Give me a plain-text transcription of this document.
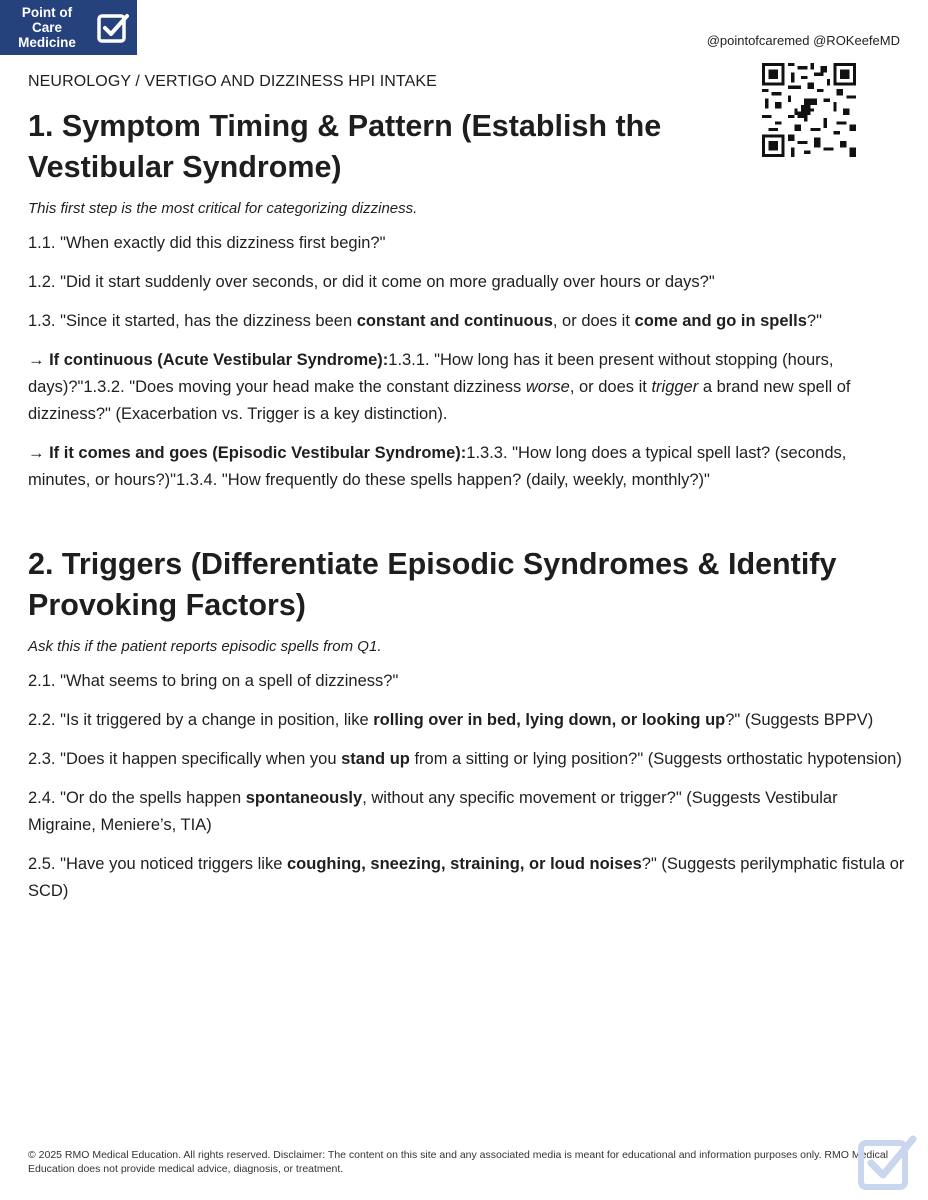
Point of Care
Medicine	@pointofcaremed @ROKeefeMD
NEUROLOGY / VERTIGO AND DIZZINESS HPI INTAKE
1. Symptom Timing & Pattern (Establish the Vestibular Syndrome)
This first step is the most critical for categorizing dizziness.

1.1. "When exactly did this dizziness first begin?"

1.2. "Did it start suddenly over seconds, or did it come on more gradually over hours or days?"

1.3. "Since it started, has the dizziness been constant and continuous, or does it come and go in spells?"

→ If continuous (Acute Vestibular Syndrome):1.3.1. "How long has it been present without stopping (hours, days)?"1.3.2. "Does moving your head make the constant dizziness worse, or does it trigger a brand new spell of dizziness?" (Exacerbation vs. Trigger is a key distinction).

→ If it comes and goes (Episodic Vestibular Syndrome):1.3.3. "How long does a typical spell last? (seconds, minutes, or hours?)"1.3.4. "How frequently do these spells happen? (daily, weekly, monthly?)"

2. Triggers (Differentiate Episodic Syndromes & Identify Provoking Factors)
Ask this if the patient reports episodic spells from Q1.

2.1. "What seems to bring on a spell of dizziness?"

2.2. "Is it triggered by a change in position, like rolling over in bed, lying down, or looking up?" (Suggests BPPV)

2.3. "Does it happen specifically when you stand up from a sitting or lying position?" (Suggests orthostatic hypotension)

2.4. "Or do the spells happen spontaneously, without any specific movement or trigger?" (Suggests Vestibular Migraine, Meniere’s, TIA)

2.5. "Have you noticed triggers like coughing, sneezing, straining, or loud noises?" (Suggests perilymphatic fistula or SCD)

© 2025 RMO Medical Education. All rights reserved. Disclaimer: The content on this site and any associated media is meant for educational and information purposes only. RMO Medical Education does not provide medical advice, diagnosis, or treatment.
